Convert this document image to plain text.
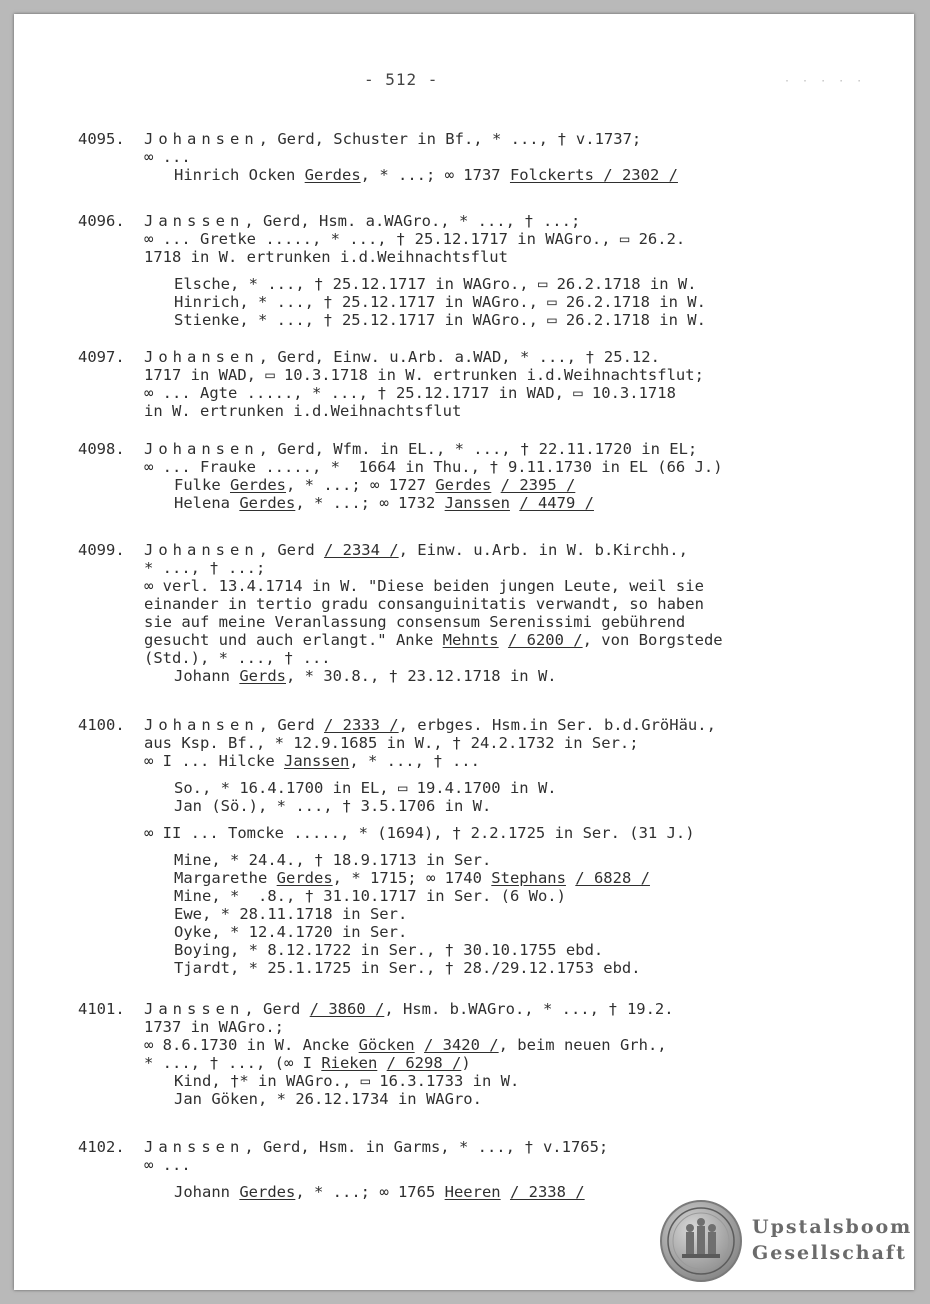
- 512 -	· · · · ·
4095. Johansen, Gerd, Schuster in Bf., * ..., † v.1737;
∞ ...
Hinrich Ocken Gerdes, * ...; ∞ 1737 Folckerts / 2302 /
4096. Janssen, Gerd, Hsm. a.WAGro., * ..., † ...;
∞ ... Gretke ....., * ..., † 25.12.1717 in WAGro., ▭ 26.2.
1718 in W. ertrunken i.d.Weihnachtsflut
Elsche, * ..., † 25.12.1717 in WAGro., ▭ 26.2.1718 in W.
Hinrich, * ..., † 25.12.1717 in WAGro., ▭ 26.2.1718 in W.
Stienke, * ..., † 25.12.1717 in WAGro., ▭ 26.2.1718 in W.
4097. Johansen, Gerd, Einw. u.Arb. a.WAD, * ..., † 25.12.
1717 in WAD, ▭ 10.3.1718 in W. ertrunken i.d.Weihnachtsflut;
∞ ... Agte ....., * ..., † 25.12.1717 in WAD, ▭ 10.3.1718
in W. ertrunken i.d.Weihnachtsflut
4098. Johansen, Gerd, Wfm. in EL., * ..., † 22.11.1720 in EL;
∞ ... Frauke ....., *  1664 in Thu., † 9.11.1730 in EL (66 J.)
Fulke Gerdes, * ...; ∞ 1727 Gerdes / 2395 /
Helena Gerdes, * ...; ∞ 1732 Janssen / 4479 /
4099. Johansen, Gerd / 2334 /, Einw. u.Arb. in W. b.Kirchh.,
* ..., † ...;
∞ verl. 13.4.1714 in W. "Diese beiden jungen Leute, weil sie
einander in tertio gradu consanguinitatis verwandt, so haben
sie auf meine Veranlassung consensum Serenissimi gebührend
gesucht und auch erlangt." Anke Mehnts / 6200 /, von Borgstede
(Std.), * ..., † ...
Johann Gerds, * 30.8., † 23.12.1718 in W.
4100. Johansen, Gerd / 2333 /, erbges. Hsm.in Ser. b.d.GröHäu.,
aus Ksp. Bf., * 12.9.1685 in W., † 24.2.1732 in Ser.;
∞ I ... Hilcke Janssen, * ..., † ...
So., * 16.4.1700 in EL, ▭ 19.4.1700 in W.
Jan (Sö.), * ..., † 3.5.1706 in W.
∞ II ... Tomcke ....., * (1694), † 2.2.1725 in Ser. (31 J.)
Mine, * 24.4., † 18.9.1713 in Ser.
Margarethe Gerdes, * 1715; ∞ 1740 Stephans / 6828 /
Mine, *  .8., † 31.10.1717 in Ser. (6 Wo.)
Ewe, * 28.11.1718 in Ser.
Oyke, * 12.4.1720 in Ser.
Boying, * 8.12.1722 in Ser., † 30.10.1755 ebd.
Tjardt, * 25.1.1725 in Ser., † 28./29.12.1753 ebd.
4101. Janssen, Gerd / 3860 /, Hsm. b.WAGro., * ..., † 19.2.
1737 in WAGro.;
∞ 8.6.1730 in W. Ancke Göcken / 3420 /, beim neuen Grh.,
* ..., † ..., (∞ I Rieken / 6298 /)
Kind, †* in WAGro., ▭ 16.3.1733 in W.
Jan Göken, * 26.12.1734 in WAGro.
4102. Janssen, Gerd, Hsm. in Garms, * ..., † v.1765;
∞ ...
Johann Gerdes, * ...; ∞ 1765 Heeren / 2338 /
Upstalsboom
Gesellschaft
